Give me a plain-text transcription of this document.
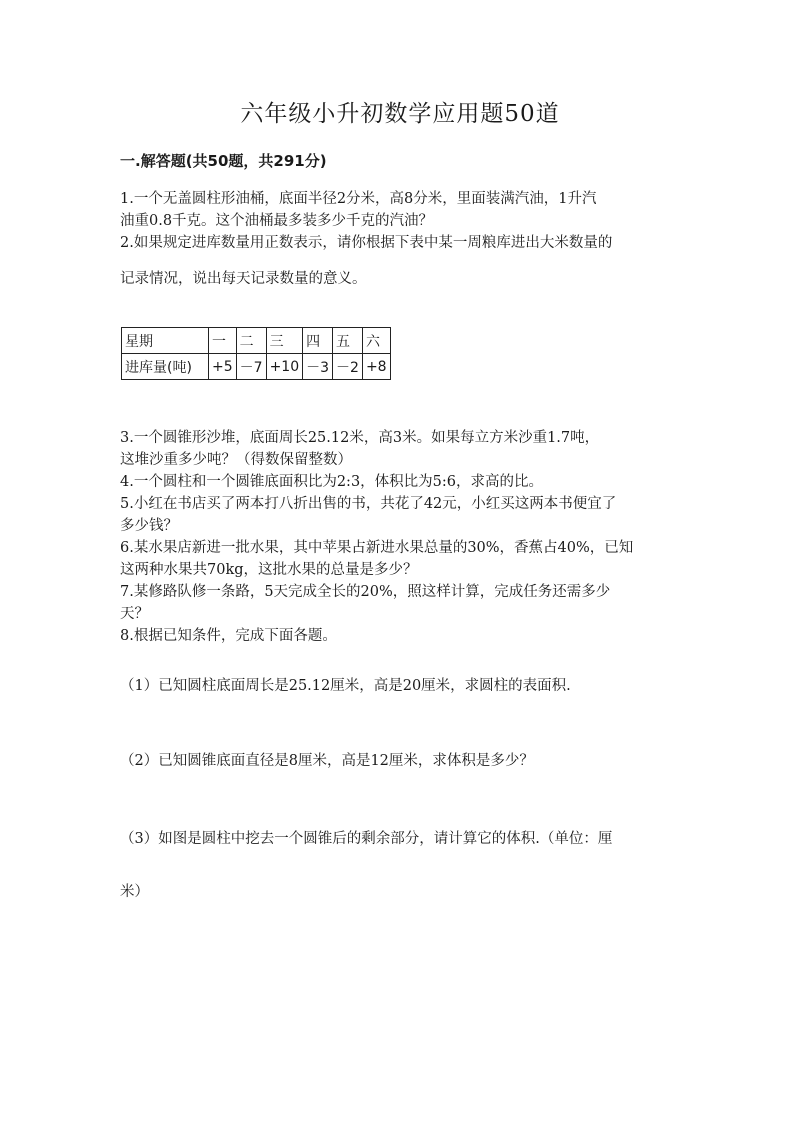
六年级小升初数学应用题50道
一.解答题(共50题，共291分)

1.一个无盖圆柱形油桶，底面半径2分米，高8分米，里面装满汽油，1升汽

油重0.8千克。这个油桶最多装多少千克的汽油？

2.如果规定进库数量用正数表示，请你根据下表中某一周粮库进出大米数量的

记录情况，说出每天记录数量的意义。

星期	一	二	三	四	五	六
进库量(吨)	+5	－7	+10	－3	－2	+8

3.一个圆锥形沙堆，底面周长25.12米，高3米。如果每立方米沙重1.7吨，

这堆沙重多少吨？（得数保留整数）

4.一个圆柱和一个圆锥底面积比为2:3，体积比为5:6，求高的比。

5.小红在书店买了两本打八折出售的书，共花了42元，小红买这两本书便宜了

多少钱？

6.某水果店新进一批水果，其中苹果占新进水果总量的30%，香蕉占40%，已知

这两种水果共70kg，这批水果的总量是多少？

7.某修路队修一条路，5天完成全长的20%，照这样计算，完成任务还需多少

天？

8.根据已知条件，完成下面各题。

（1）已知圆柱底面周长是25.12厘米，高是20厘米，求圆柱的表面积.

（2）已知圆锥底面直径是8厘米，高是12厘米，求体积是多少？

（3）如图是圆柱中挖去一个圆锥后的剩余部分，请计算它的体积.（单位：厘

米）
